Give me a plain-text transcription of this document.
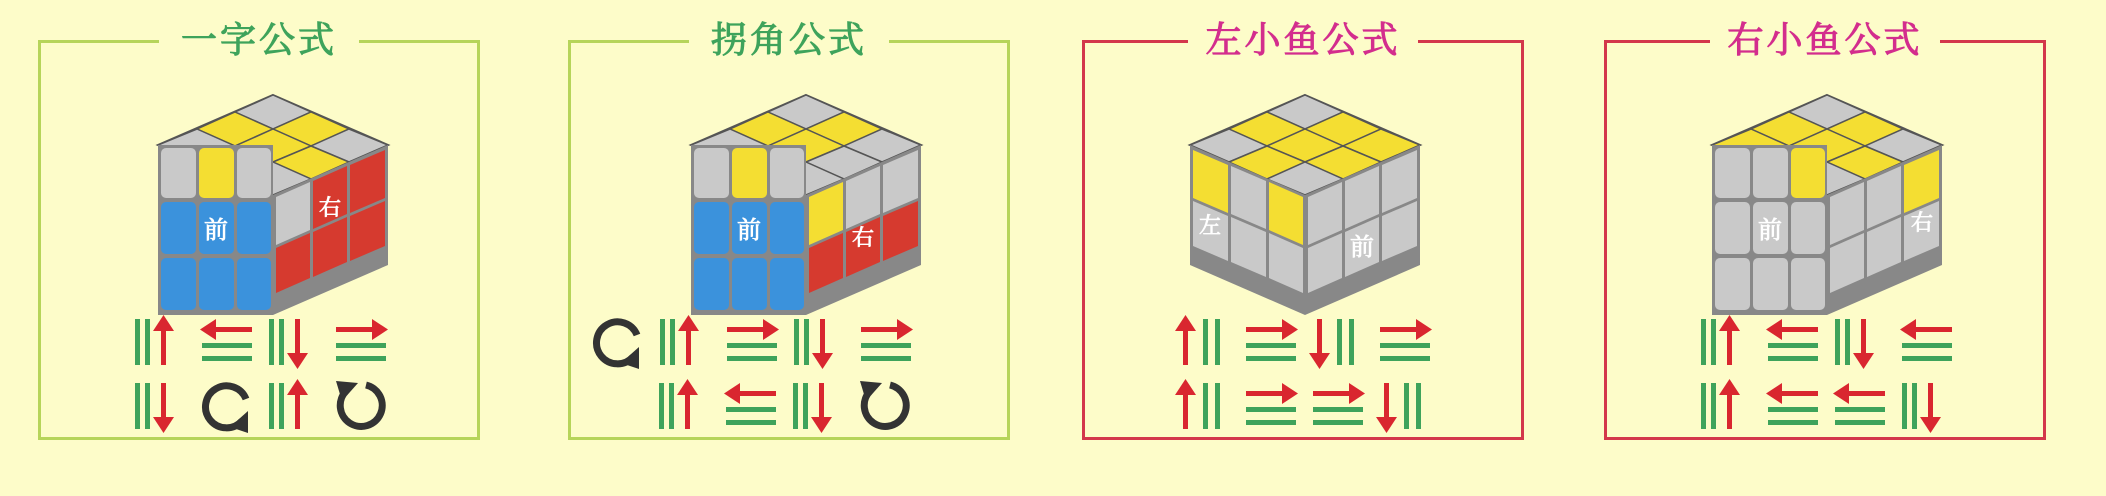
一字公式
前
右

拐角公式
前	右

左小鱼公式
左
前

右小鱼公式
前	右
